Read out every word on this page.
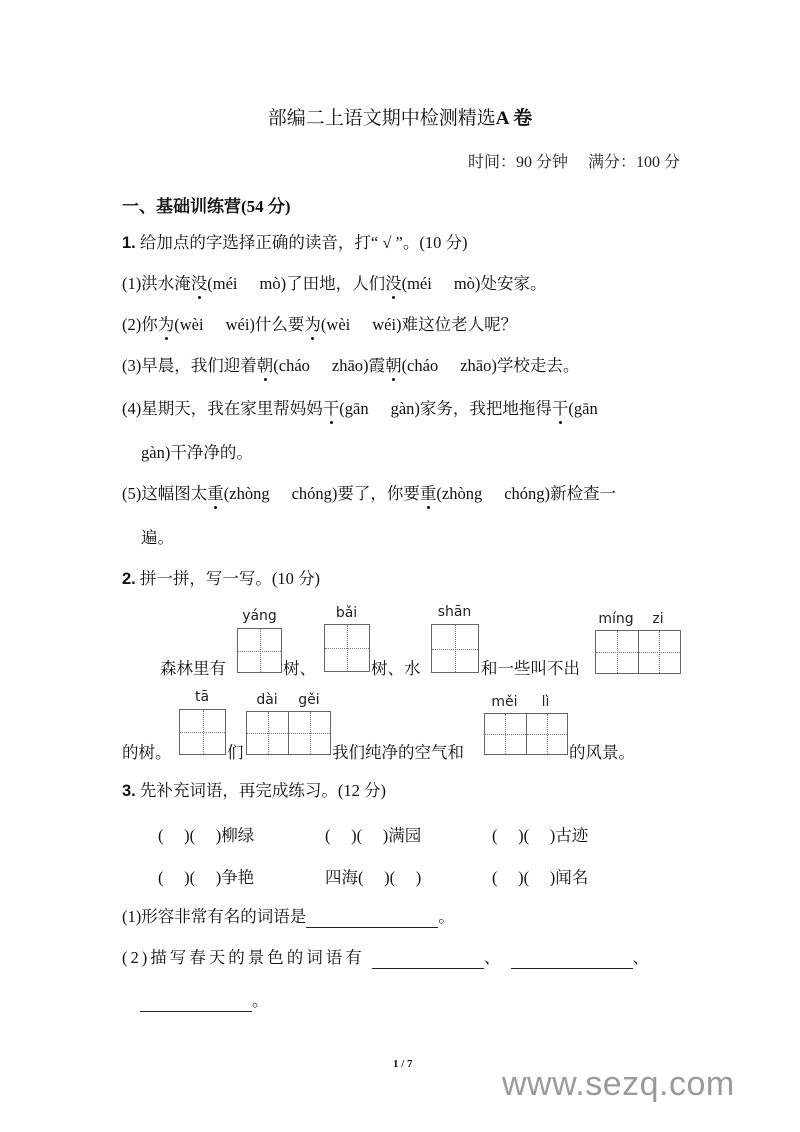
部编二上语文期中检测精选A 卷
时间：90 分钟 满分：100 分
一、基础训练营(54 分)
1. 给加点的字选择正确的读音，打“ √ ”。(10 分)
(1)洪水淹没(méi mò)了田地，人们没(méi mò)处安家。
(2)你为(wèi wéi)什么要为(wèi wéi)难这位老人呢？
(3)早晨，我们迎着朝(cháo zhāo)霞朝(cháo zhāo)学校走去。
(4)星期天，我在家里帮妈妈干(gān gàn)家务，我把地拖得干(gān
gàn)干净净的。
(5)这幅图太重(zhòng chóng)要了，你要重(zhòng chóng)新检查一
遍。
2. 拼一拼，写一写。(10 分)
森林里有
yáng
树、
bǎi
树、水
shān
和一些叫不出
míng	zi
的树。
tā
们
dài	gěi
我们纯净的空气和
měi	lì
的风景。
3. 先补充词语，再完成练习。(12 分)
(　 )(　 )柳绿	(　 )(　 )满园	(　 )(　 )古迹
(　 )(　 )争艳	四海(　 )(　 )	(　 )(　 )闻名
(1)形容非常有名的词语是	。
(2)描写春天的景色的词语有	、	、
。
1 / 7
www.sezq.com
